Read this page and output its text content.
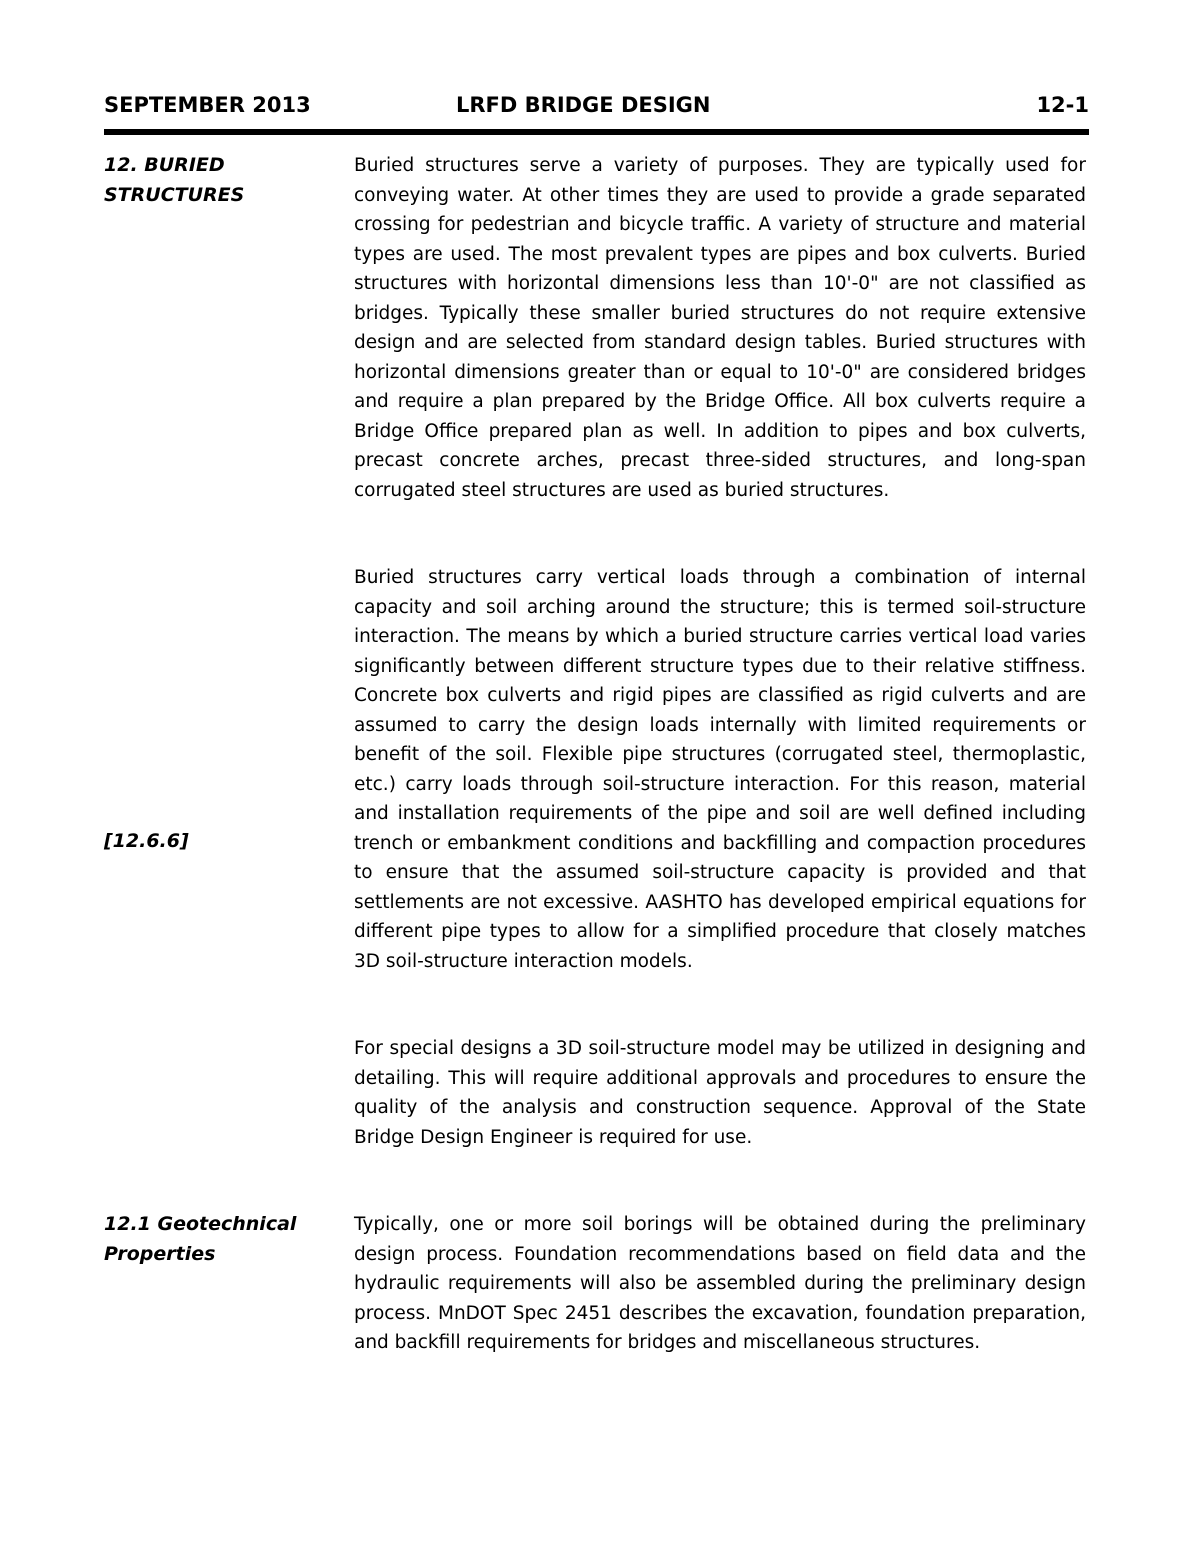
SEPTEMBER 2013	LRFD BRIDGE DESIGN	12-1
12. BURIED
STRUCTURES

Buried structures serve a variety of purposes. They are typically used for conveying water. At other times they are used to provide a grade separated crossing for pedestrian and bicycle traffic. A variety of structure and material types are used. The most prevalent types are pipes and box culverts. Buried structures with horizontal dimensions less than 10'-0" are not classified as bridges. Typically these smaller buried structures do not require extensive design and are selected from standard design tables. Buried structures with horizontal dimensions greater than or equal to 10'-0" are considered bridges and require a plan prepared by the Bridge Office. All box culverts require a Bridge Office prepared plan as well. In addition to pipes and box culverts, precast concrete arches, precast three-sided structures, and long-span corrugated steel structures are used as buried structures.

Buried structures carry vertical loads through a combination of internal capacity and soil arching around the structure; this is termed soil-structure interaction. The means by which a buried structure carries vertical load varies significantly between different structure types due to their relative stiffness. Concrete box culverts and rigid pipes are classified as rigid culverts and are assumed to carry the design loads internally with limited requirements or benefit of the soil. Flexible pipe structures (corrugated steel, thermoplastic, etc.) carry loads through soil-structure interaction. For this reason, material and installation requirements of the pipe and soil are well defined including trench or embankment conditions and backfilling and compaction procedures to ensure that the assumed soil-structure capacity is provided and that settlements are not excessive. AASHTO has developed empirical equations for different pipe types to allow for a simplified procedure that closely matches 3D soil-structure interaction models.

[12.6.6]

For special designs a 3D soil-structure model may be utilized in designing and detailing. This will require additional approvals and procedures to ensure the quality of the analysis and construction sequence. Approval of the State Bridge Design Engineer is required for use.

12.1 Geotechnical
Properties

Typically, one or more soil borings will be obtained during the preliminary design process. Foundation recommendations based on field data and the hydraulic requirements will also be assembled during the preliminary design process. MnDOT Spec 2451 describes the excavation, foundation preparation, and backfill requirements for bridges and miscellaneous structures.
